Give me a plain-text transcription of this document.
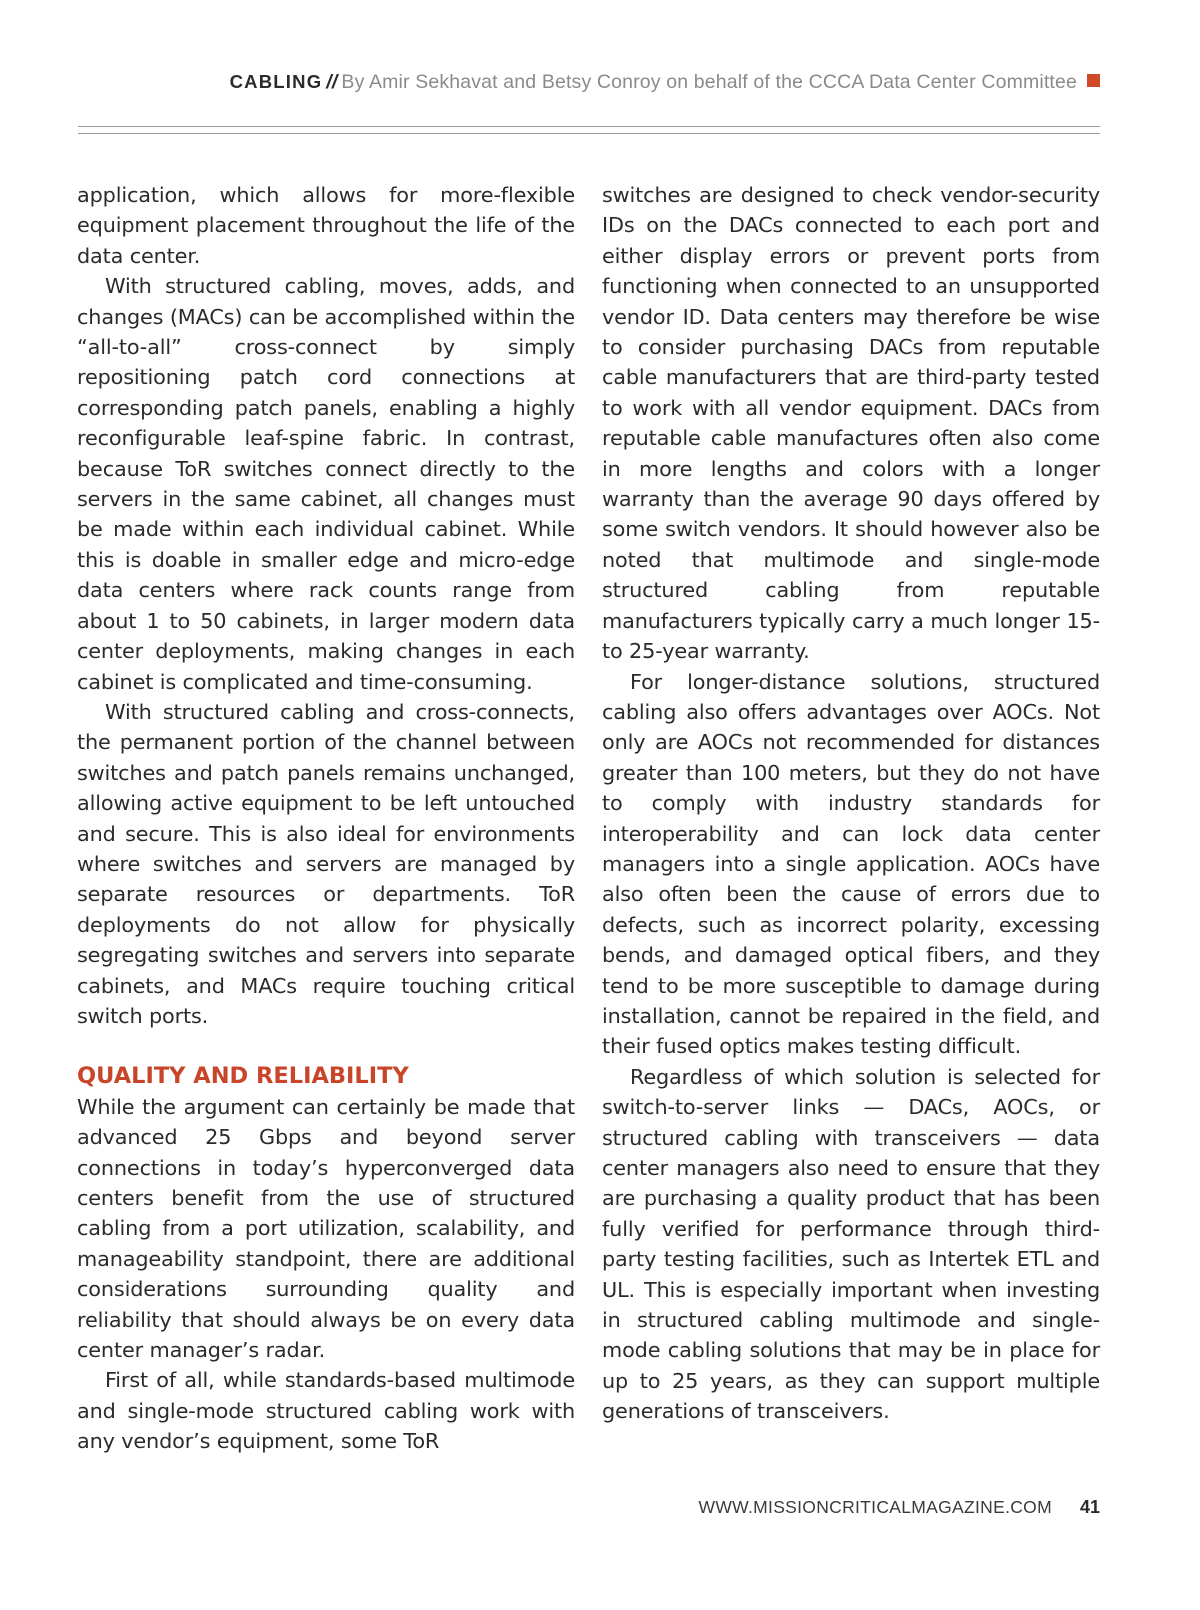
CABLING // By Amir Sekhavat and Betsy Conroy on behalf of the CCCA Data Center Committee

application, which allows for more-flexible equipment placement throughout the life of the data center.

With structured cabling, moves, adds, and changes (MACs) can be accomplished within the “all-to-all” cross-connect by simply repositioning patch cord connections at corresponding patch panels, enabling a highly reconfigurable leaf-spine fabric. In contrast, because ToR switches connect directly to the servers in the same cabinet, all changes must be made within each individual cabinet. While this is doable in smaller edge and micro-edge data centers where rack counts range from about 1 to 50 cabinets, in larger modern data center deployments, making changes in each cabinet is complicated and time-consuming.

With structured cabling and cross-connects, the permanent portion of the channel between switches and patch panels remains unchanged, allowing active equipment to be left untouched and secure. This is also ideal for environments where switches and servers are managed by separate resources or departments. ToR deployments do not allow for physically segregating switches and servers into separate cabinets, and MACs require touching critical switch ports.

QUALITY AND RELIABILITY

While the argument can certainly be made that advanced 25 Gbps and beyond server connections in today’s hyperconverged data centers benefit from the use of structured cabling from a port utilization, scalability, and manageability standpoint, there are additional considerations surrounding quality and reliability that should always be on every data center manager’s radar.

First of all, while standards-based multimode and single-mode structured cabling work with any vendor’s equipment, some ToR

switches are designed to check vendor-security IDs on the DACs connected to each port and either display errors or prevent ports from functioning when connected to an unsupported vendor ID. Data centers may therefore be wise to consider purchasing DACs from reputable cable manufacturers that are third-party tested to work with all vendor equipment. DACs from reputable cable manufactures often also come in more lengths and colors with a longer warranty than the average 90 days offered by some switch vendors. It should however also be noted that multimode and single-mode structured cabling from reputable manufacturers typically carry a much longer 15- to 25-year warranty.

For longer-distance solutions, structured cabling also offers advantages over AOCs. Not only are AOCs not recommended for distances greater than 100 meters, but they do not have to comply with industry standards for interoperability and can lock data center managers into a single application. AOCs have also often been the cause of errors due to defects, such as incorrect polarity, excessing bends, and damaged optical fibers, and they tend to be more susceptible to damage during installation, cannot be repaired in the field, and their fused optics makes testing difficult.

Regardless of which solution is selected for switch-to-server links — DACs, AOCs, or structured cabling with transceivers — data center managers also need to ensure that they are purchasing a quality product that has been fully verified for performance through third-party testing facilities, such as Intertek ETL and UL. This is especially important when investing in structured cabling multimode and single-mode cabling solutions that may be in place for up to 25 years, as they can support multiple generations of transceivers.

WWW.MISSIONCRITICALMAGAZINE.COM 41
